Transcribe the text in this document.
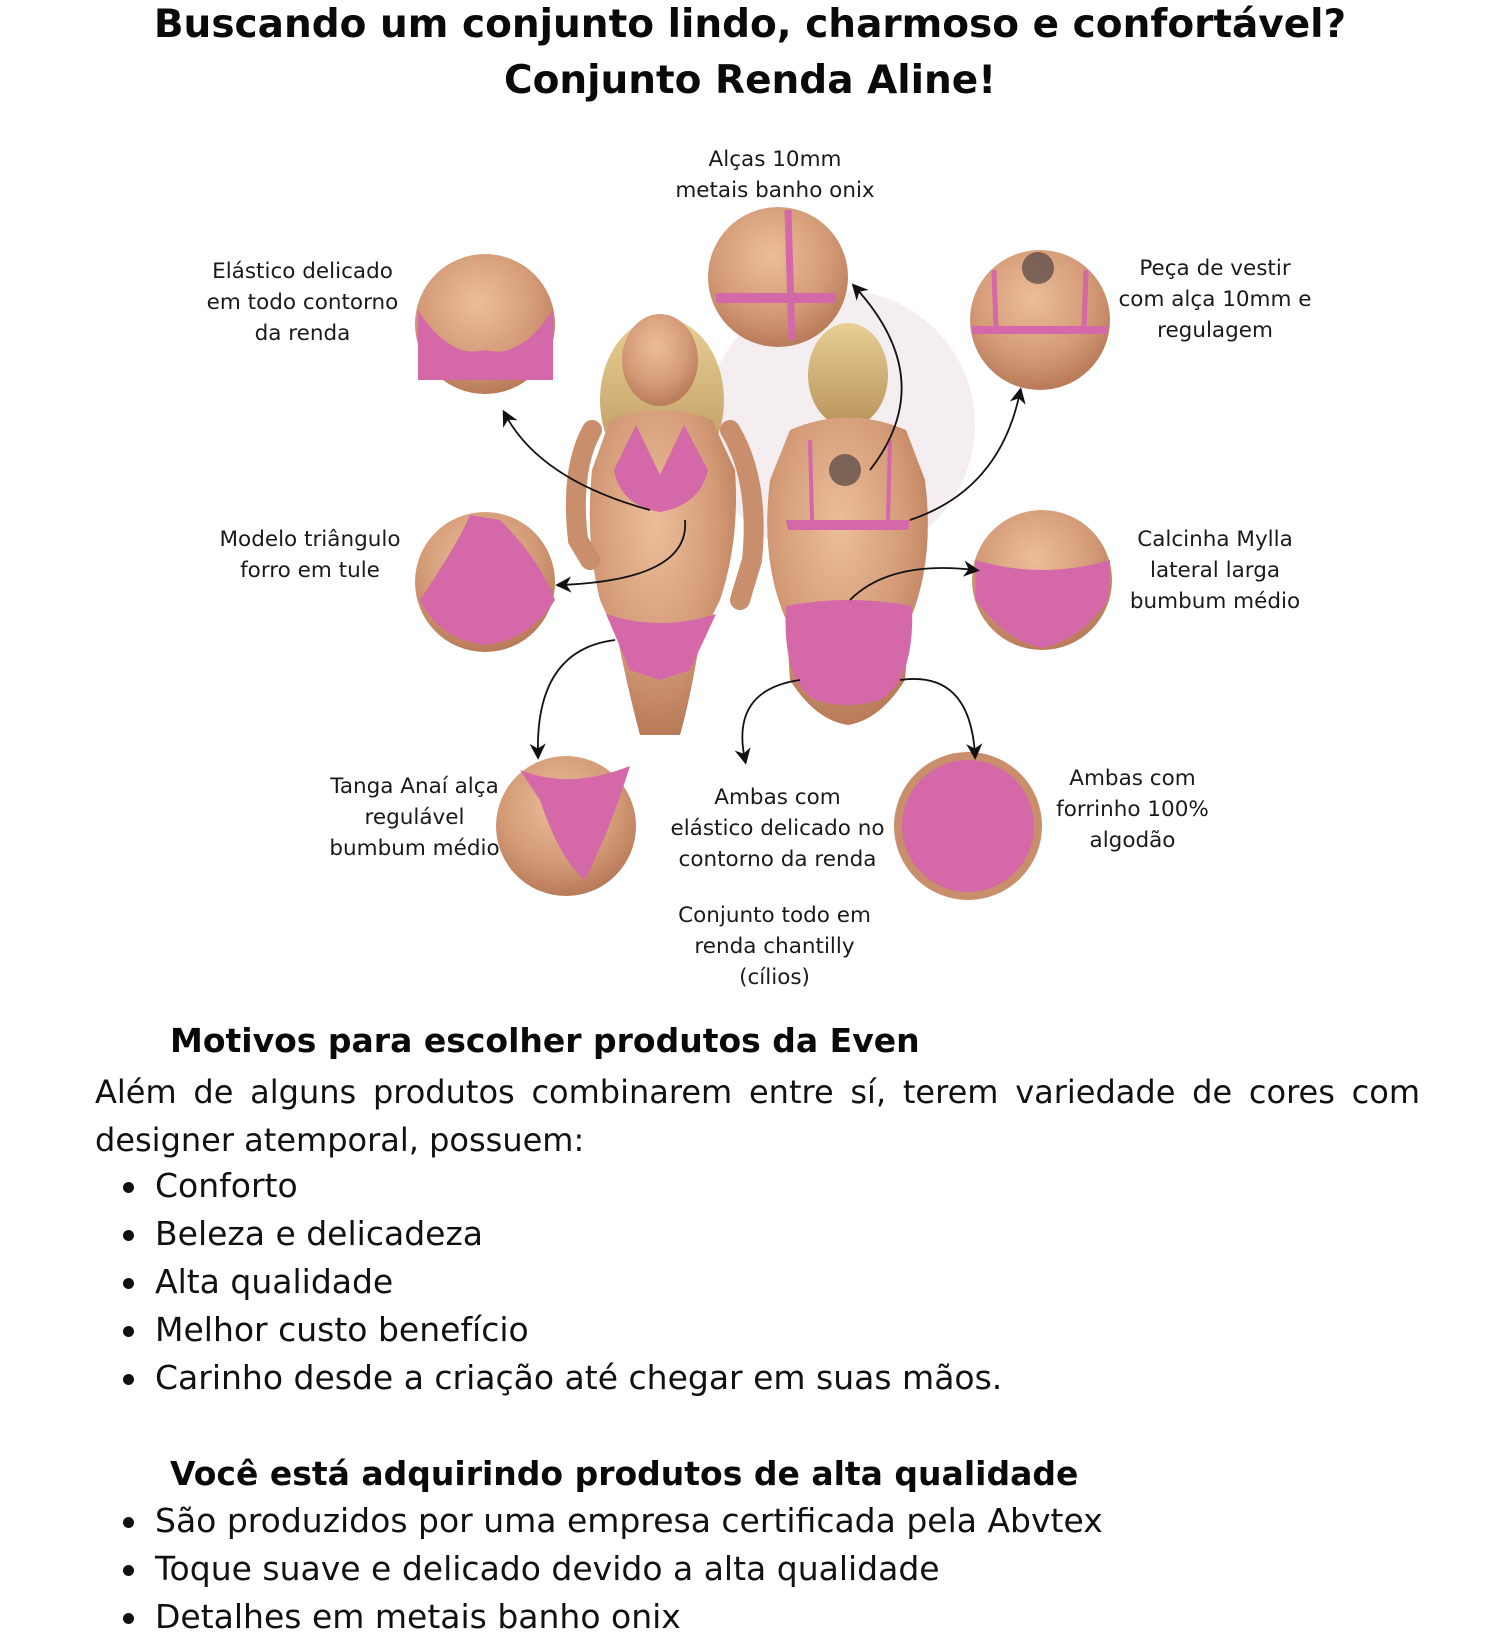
Buscando um conjunto lindo, charmoso e confortável?
Conjunto Renda Aline!
Alças 10mm
metais banho onix
Elástico delicado
em todo contorno
da renda
Peça de vestir
com alça 10mm e
regulagem
Modelo triângulo
forro em tule
Calcinha Mylla
lateral larga
bumbum médio
Tanga Anaí alça
regulável
bumbum médio
Ambas com
elástico delicado no
contorno da renda
Ambas com
forrinho 100%
algodão
Conjunto todo em
renda chantilly
(cílios)
Motivos para escolher produtos da Even

Além de alguns produtos combinarem entre sí, terem variedade de cores com designer atemporal, possuem:

Conforto
Beleza e delicadeza
Alta qualidade
Melhor custo benefício
Carinho desde a criação até chegar em suas mãos.
Você está adquirindo produtos de alta qualidade
São produzidos por uma empresa certificada pela Abvtex
Toque suave e delicado devido a alta qualidade
Detalhes em metais banho onix
